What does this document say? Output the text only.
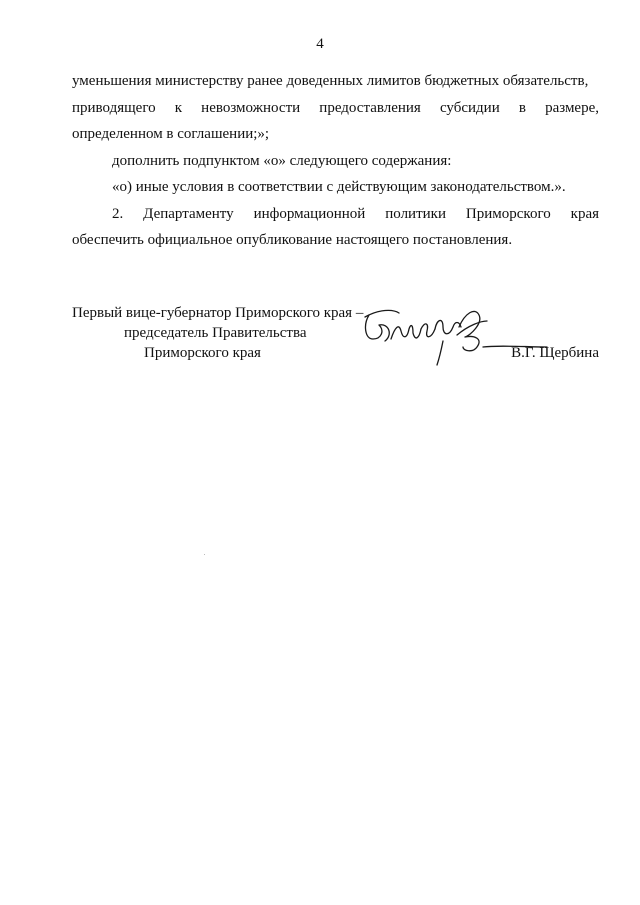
4

уменьшения министерству ранее доведенных лимитов бюджетных обязательств,

приводящего к невозможности предоставления субсидии в размере,

определенном в соглашении;»;

дополнить подпунктом «о» следующего содержания:

«о) иные условия в соответствии с действующим законодательством.».

2. Департаменту информационной политики Приморского края

обеспечить официальное опубликование настоящего постановления.

Первый вице-губернатор Приморского края –
председатель Правительства
Приморского края	В.Г. Щербина
